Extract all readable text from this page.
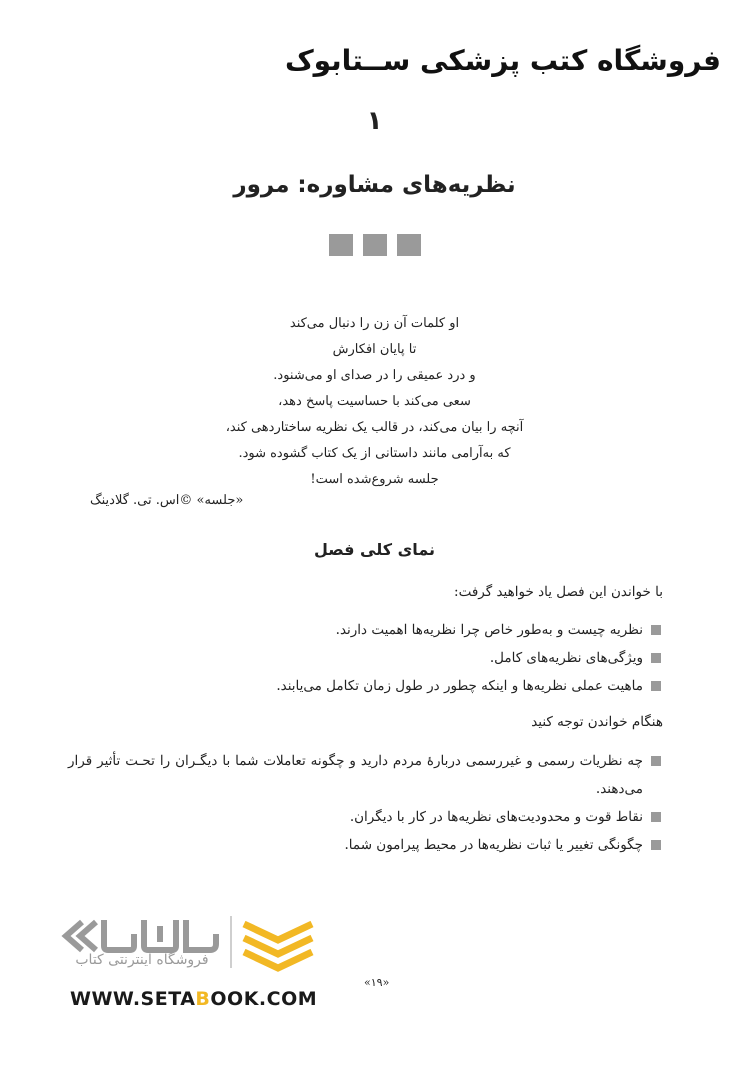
فروشگاه کتب پزشکی ســتابوک
۱
نظریه‌های مشاوره: مرور
او کلمات آن زن را دنبال می‌کند
تا پایان افکارش
و درد عمیقی را در صدای او می‌شنود.
سعی می‌کند با حساسیت پاسخ دهد،
آنچه را بیان می‌کند، در قالب یک نظریه ساختاردهی کند،
که به‌آرامی مانند داستانی از یک کتاب گشوده شود.
جلسه شروع‌شده است!
«جلسه» ©اس. تی. گلادینگ
نمای کلی فصل
با خواندن این فصل یاد خواهید گرفت:
نظریه چیست و به‌طور خاص چرا نظریه‌ها اهمیت دارند.
ویژگی‌های نظریه‌های کامل.
ماهیت عملی نظریه‌ها و اینکه چطور در طول زمان تکامل می‌یابند.
هنگام خواندن توجه کنید
چه نظریات رسمی و غیررسمی دربارهٔ مردم دارید و چگونه تعاملات شما با دیگـران را تحـت تأثیر قرار می‌دهند.
نقاط قوت و محدودیت‌های نظریه‌ها در کار با دیگران.
چگونگی تغییر یا ثبات نظریه‌ها در محیط پیرامون شما.
فروشگاه اینترنتی کتاب
WWW.SETABOOK.COM
«۱۹»
